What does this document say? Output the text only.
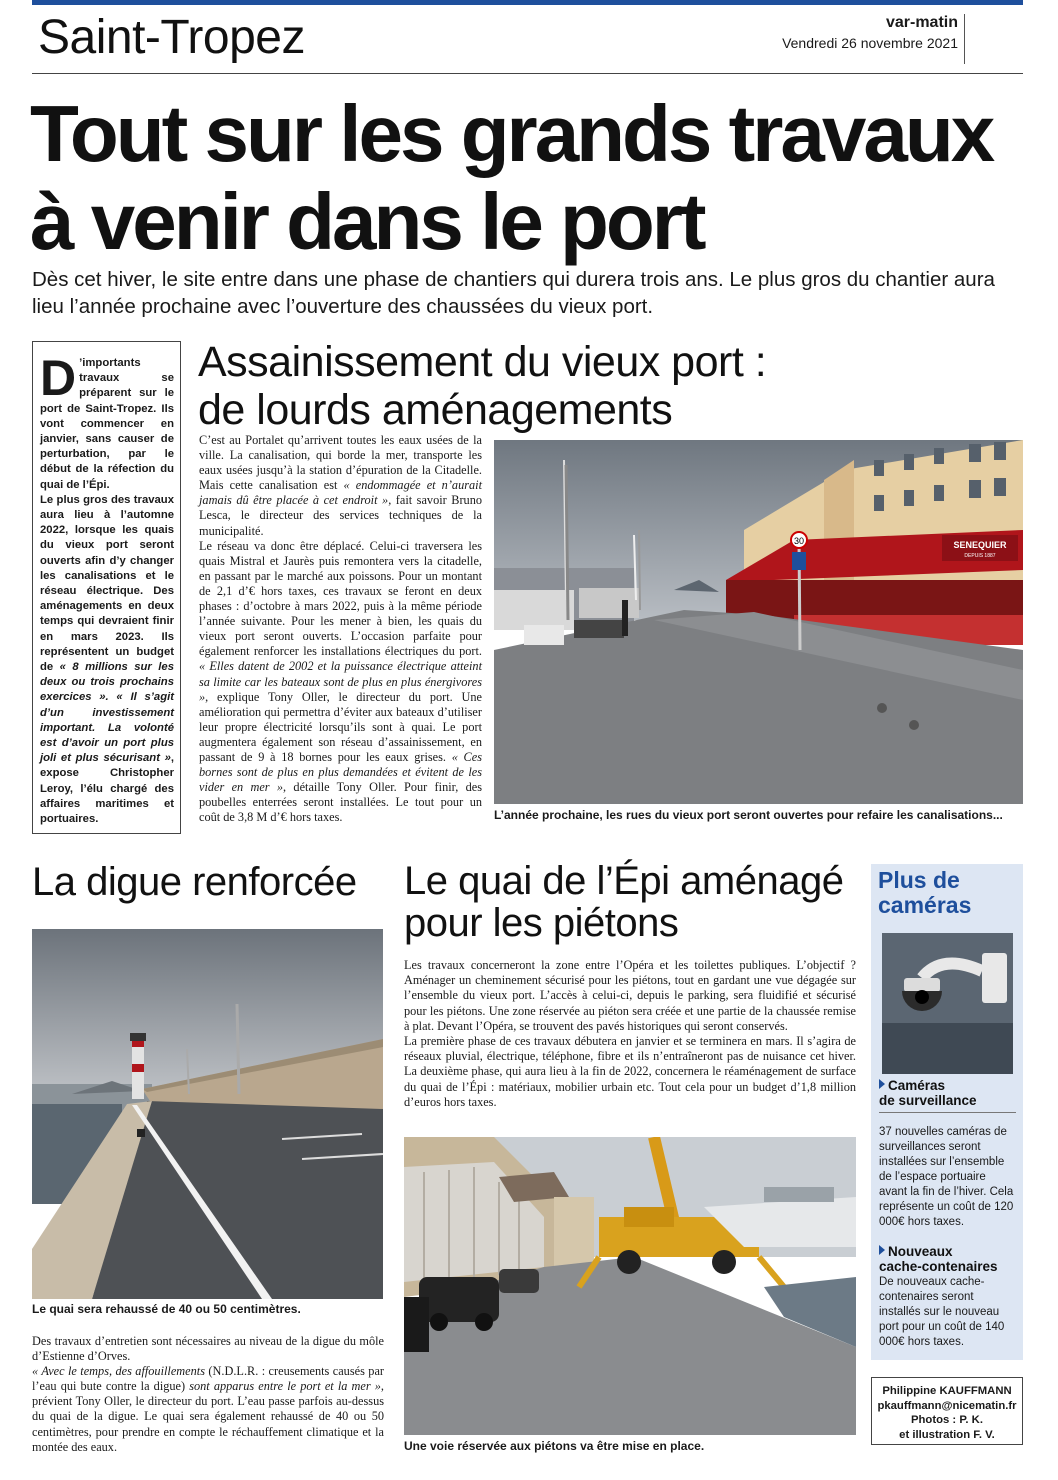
Saint-Tropez	var-matin
Vendredi 26 novembre 2021
Tout sur les grands travaux
à venir dans le port
Dès cet hiver, le site entre dans une phase de chantiers qui durera trois ans. Le plus gros du chantier aura lieu l’année prochaine avec l’ouverture des chaussées du vieux port.

D ’importants travaux se préparent sur le port de Saint-Tropez. Ils vont commencer en janvier, sans causer de perturbation, par le début de la réfection du quai de l’Épi.

Le plus gros des travaux aura lieu à l’automne 2022, lorsque les quais du vieux port seront ouverts afin d’y changer les canalisations et le réseau électrique. Des aménagements en deux temps qui devraient finir en mars 2023. Ils représentent un budget de « 8 millions sur les deux ou trois prochains exercices ». « Il s’agit d’un investissement important. La volonté est d’avoir un port plus joli et plus sécurisant », expose Christopher Leroy, l’élu chargé des affaires maritimes et portuaires.

Assainissement du vieux port :
de lourds aménagements

C’est au Portalet qu’arrivent toutes les eaux usées de la ville. La canalisation, qui borde la mer, transporte les eaux usées jusqu’à la station d’épuration de la Citadelle. Mais cette canalisation est « endommagée et n’aurait jamais dû être placée à cet endroit », fait savoir Bruno Lesca, le directeur des services techniques de la municipalité.

Le réseau va donc être déplacé. Celui-ci traversera les quais Mistral et Jaurès puis remontera vers la citadelle, en passant par le marché aux poissons. Pour un montant de 2,1 d’€ hors taxes, ces travaux se feront en deux phases : d’octobre à mars 2022, puis à la même période l’année suivante. Pour les mener à bien, les quais du vieux port seront ouverts. L’occasion parfaite pour également renforcer les installations électriques du port. « Elles datent de 2002 et la puissance électrique atteint sa limite car les bateaux sont de plus en plus énergivores », explique Tony Oller, le directeur du port. Une amélioration qui permettra d’éviter aux bateaux d’utiliser leur propre électricité lorsqu’ils sont à quai. Le port augmentera également son réseau d’assainissement, en passant de 9 à 18 bornes pour les eaux grises. « Ces bornes sont de plus en plus demandées et évitent de les vider en mer », détaille Tony Oller. Pour finir, des poubelles enterrées seront installées. Le tout pour un coût de 3,8 M d’€ hors taxes.

SENEQUIER
DEPUIS 1887
30
L’année prochaine, les rues du vieux port seront ouvertes pour refaire les canalisations...
La digue renforcée
Le quai sera rehaussé de 40 ou 50 centimètres.

Des travaux d’entretien sont nécessaires au niveau de la digue du môle d’Estienne d’Orves.

« Avec le temps, des affouillements (N.D.L.R. : creusements causés par l’eau qui bute contre la digue) sont apparus entre le port et la mer », prévient Tony Oller, le directeur du port. L’eau passe parfois au-dessus du quai de la digue. Le quai sera également rehaussé de 40 ou 50 centimètres, pour prendre en compte le réchauffement climatique et la montée des eaux.

Le quai de l’Épi aménagé
pour les piétons

Les travaux concerneront la zone entre l’Opéra et les toilettes publiques. L’objectif ? Aménager un cheminement sécurisé pour les piétons, tout en gardant une vue dégagée sur l’ensemble du vieux port. L’accès à celui-ci, depuis le parking, sera fluidifié et sécurisé pour les piétons. Une zone réservée au piéton sera créée et une partie de la chaussée remise à plat. Devant l’Opéra, se trouvent des pavés historiques qui seront conservés.

La première phase de ces travaux débutera en janvier et se terminera en mars. Il s’agira de réseaux pluvial, électrique, téléphone, fibre et ils n’entraîneront pas de nuisance cet hiver. La deuxième phase, qui aura lieu à la fin de 2022, concernera le réaménagement de surface du quai de l’Épi : matériaux, mobilier urbain etc. Tout cela pour un budget d’1,8 million d’euros hors taxes.

Une voie réservée aux piétons va être mise en place.
Plus de
caméras
Caméras
de surveillance
37 nouvelles caméras de surveillances seront installées sur l’ensemble de l’espace portuaire avant la fin de l’hiver. Cela représente un coût de 120 000€ hors taxes.
Nouveaux
cache-contenaires
De nouveaux cache-contenaires seront installés sur le nouveau port pour un coût de 140 000€ hors taxes.
Philippine KAUFFMANN
pkauffmann@nicematin.fr
Photos : P. K.
et illustration F. V.
